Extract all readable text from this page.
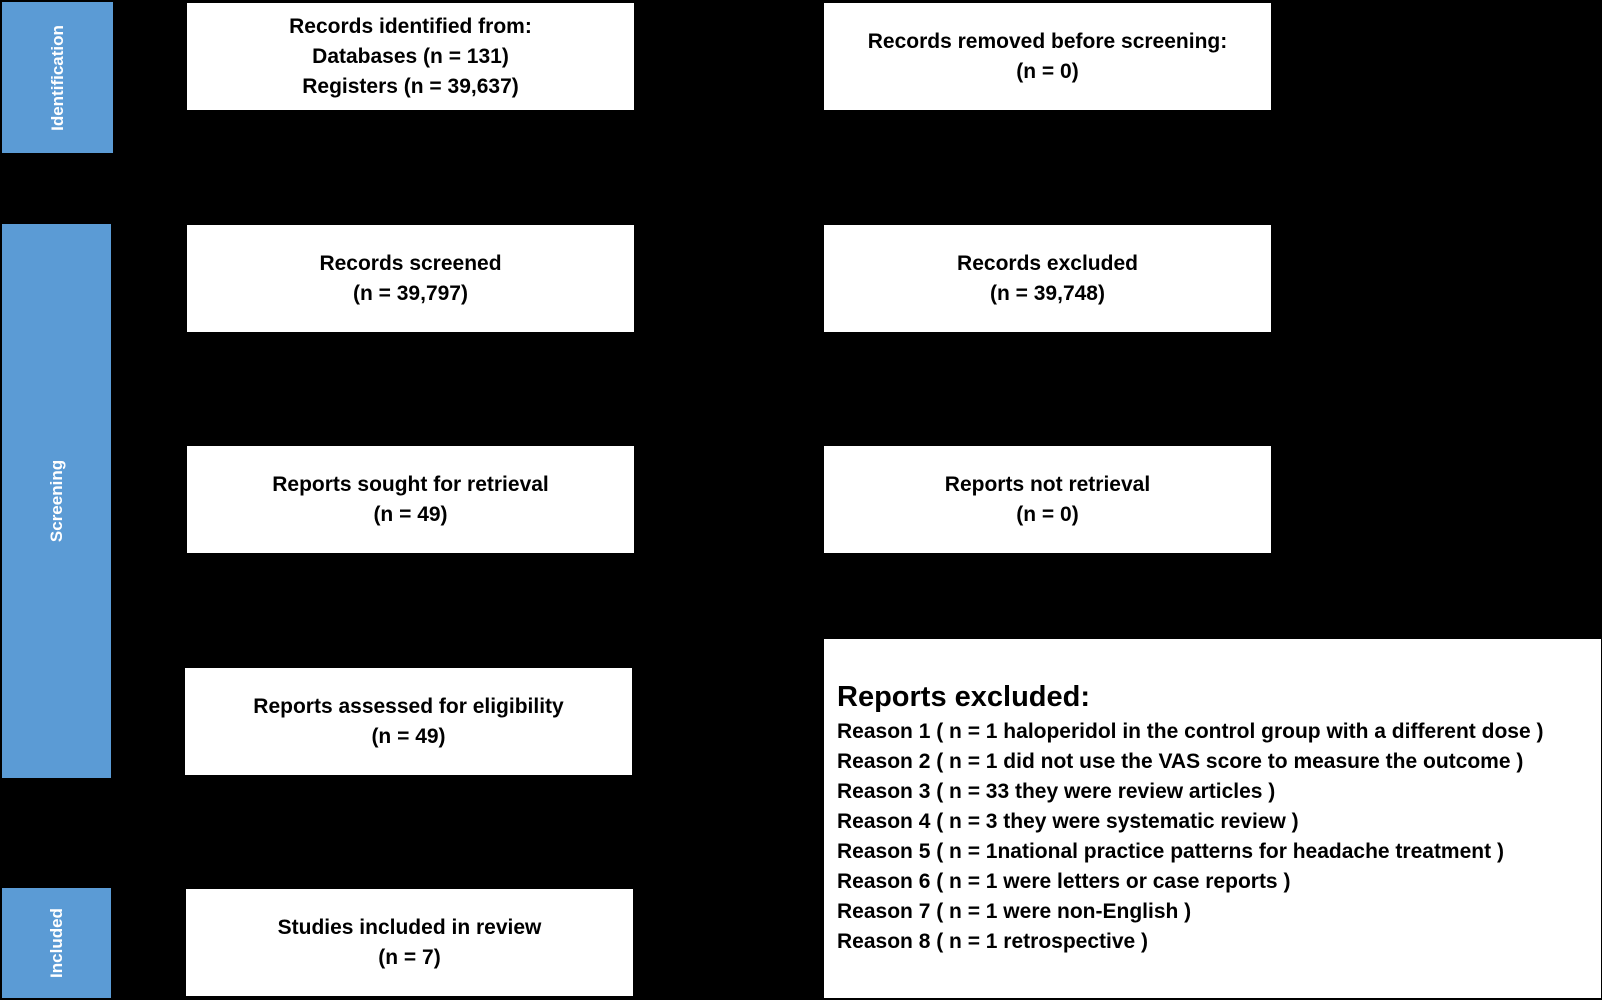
Identification
Screening
Included
Records identified from:
Databases (n = 131)
Registers (n = 39,637)
Records removed before screening:
(n = 0)
Records screened
(n = 39,797)
Records excluded
(n = 39,748)
Reports sought for retrieval
(n = 49)
Reports not retrieval
(n = 0)
Reports assessed for eligibility
(n = 49)
Reports excluded:
Reason 1 ( n = 1 haloperidol in the control group with a different dose )
Reason 2 ( n = 1 did not use the VAS score to measure the outcome )
Reason 3 ( n = 33 they were review articles )
Reason 4 ( n = 3 they were systematic review )
Reason 5 ( n = 1national practice patterns for headache treatment )
Reason 6 ( n = 1 were letters or case reports )
Reason 7 ( n = 1 were non-English )
Reason 8 ( n = 1 retrospective )
Studies included in review
(n = 7)
